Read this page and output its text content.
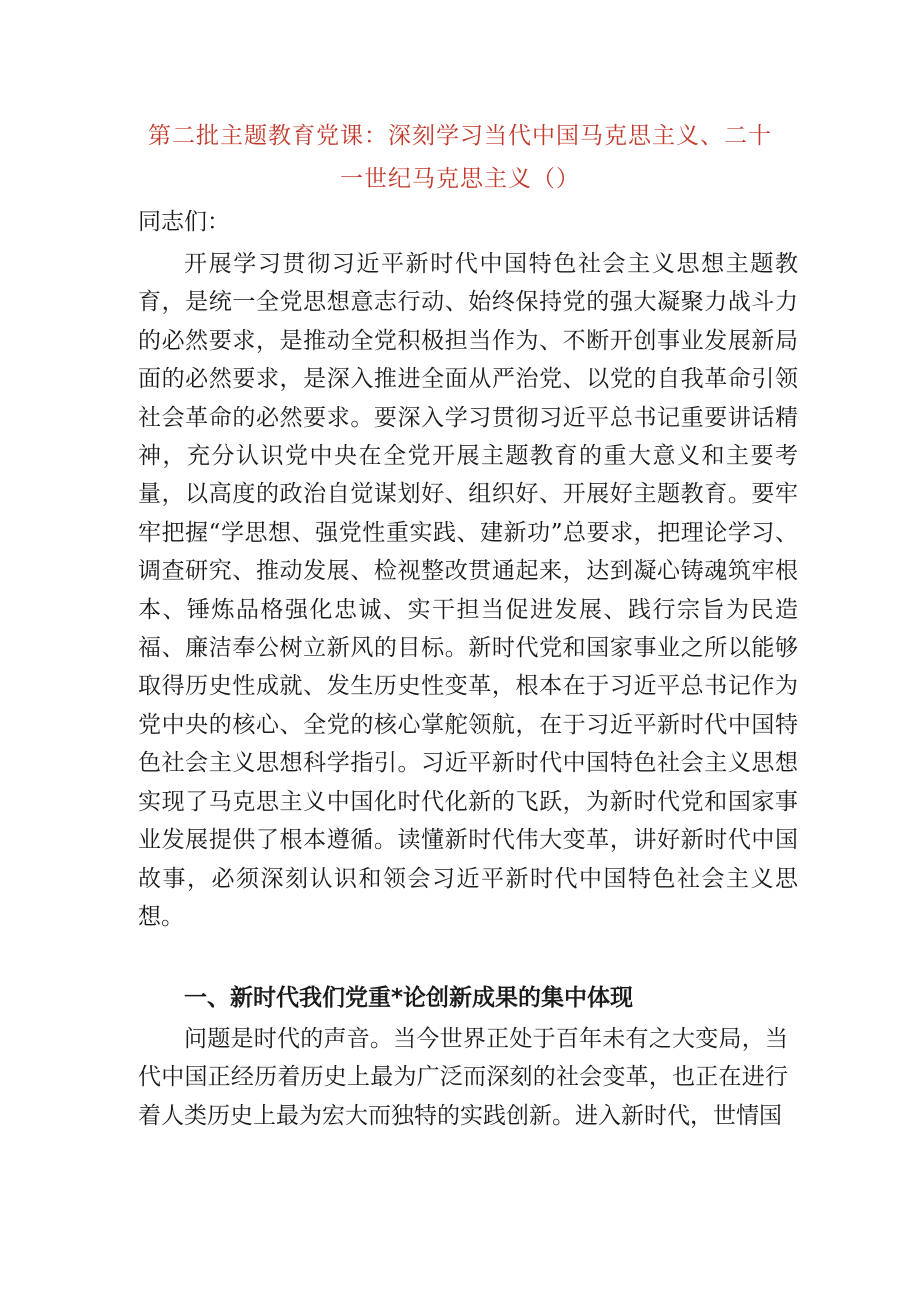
第二批主题教育党课：深刻学习当代中国马克思主义、二十
一世纪马克思主义（）
同志们：

开展学习贯彻习近平新时代中国特色社会主义思想主题教育，是统一全党思想意志行动、始终保持党的强大凝聚力战斗力的必然要求，是推动全党积极担当作为、不断开创事业发展新局面的必然要求，是深入推进全面从严治党、以党的自我革命引领社会革命的必然要求。要深入学习贯彻习近平总书记重要讲话精神，充分认识党中央在全党开展主题教育的重大意义和主要考量，以高度的政治自觉谋划好、组织好、开展好主题教育。要牢牢把握“学思想、强党性重实践、建新功”总要求，把理论学习、调查研究、推动发展、检视整改贯通起来，达到凝心铸魂筑牢根本、锤炼品格强化忠诚、实干担当促进发展、践行宗旨为民造福、廉洁奉公树立新风的目标。新时代党和国家事业之所以能够取得历史性成就、发生历史性变革，根本在于习近平总书记作为党中央的核心、全党的核心掌舵领航，在于习近平新时代中国特色社会主义思想科学指引。习近平新时代中国特色社会主义思想实现了马克思主义中国化时代化新的飞跃，为新时代党和国家事业发展提供了根本遵循。读懂新时代伟大变革，讲好新时代中国故事，必须深刻认识和领会习近平新时代中国特色社会主义思想。

一、新时代我们党重*论创新成果的集中体现

问题是时代的声音。当今世界正处于百年未有之大变局，当代中国正经历着历史上最为广泛而深刻的社会变革，也正在进行着人类历史上最为宏大而独特的实践创新。进入新时代，世情国
